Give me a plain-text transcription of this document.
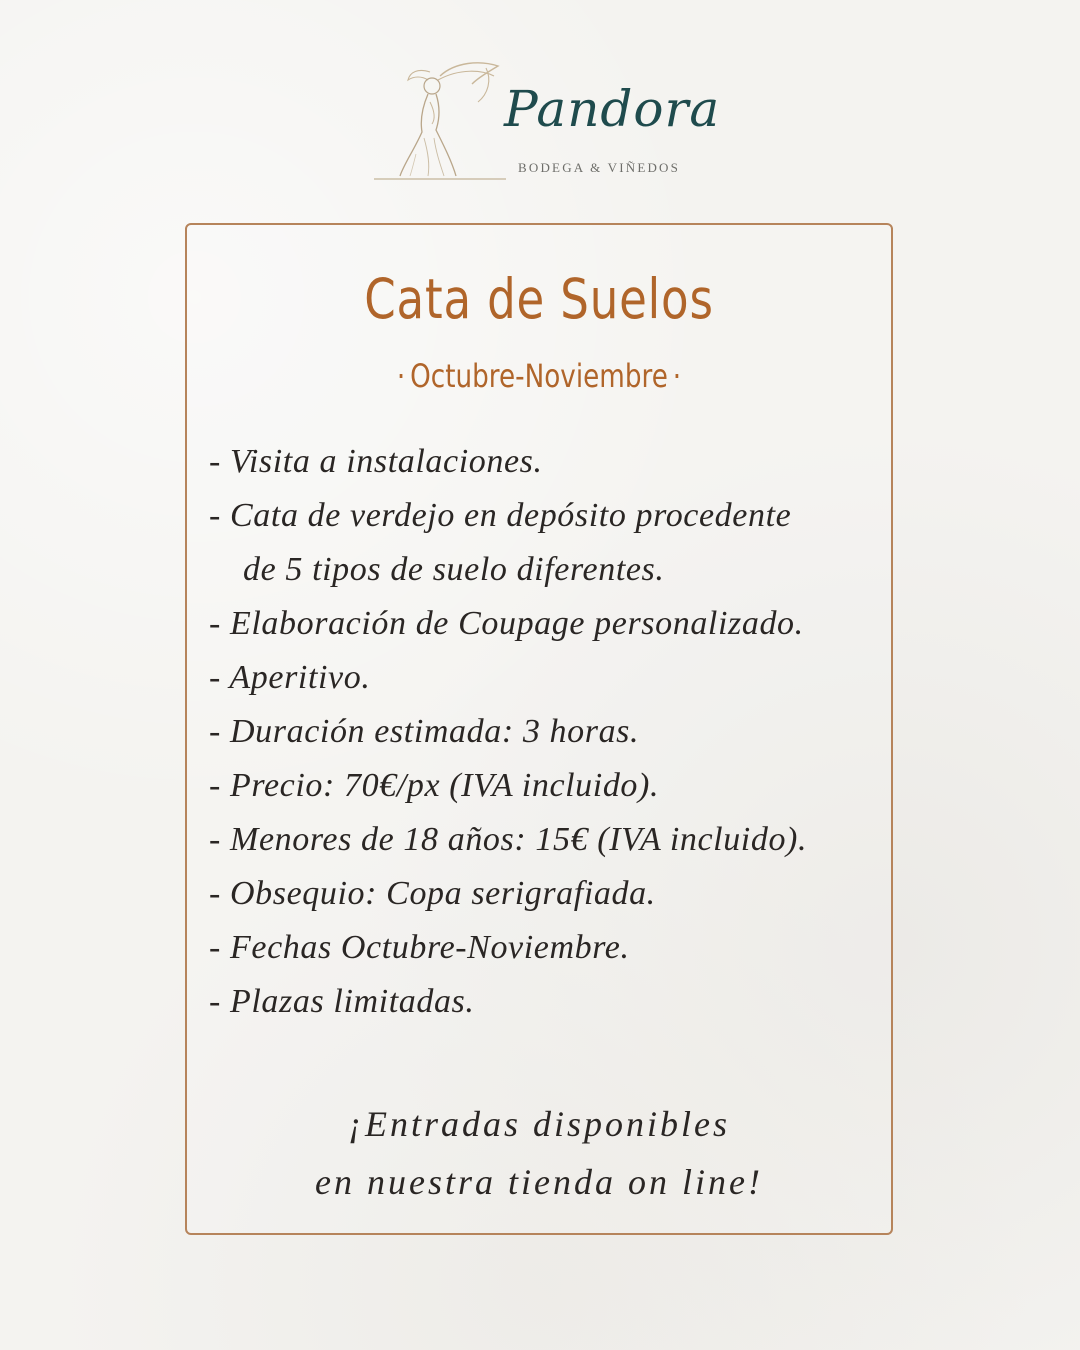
Pandora
BODEGA & VIÑEDOS
Cata de Suelos
· Octubre-Noviembre ·
- Visita a instalaciones.
- Cata de verdejo en depósito procedente
de 5 tipos de suelo diferentes.
- Elaboración de Coupage personalizado.
- Aperitivo.
- Duración estimada: 3 horas.
- Precio: 70€/px (IVA incluido).
- Menores de 18 años: 15€ (IVA incluido).
- Obsequio: Copa serigrafiada.
- Fechas Octubre-Noviembre.
- Plazas limitadas.
¡Entradas disponibles
en nuestra tienda on line!
